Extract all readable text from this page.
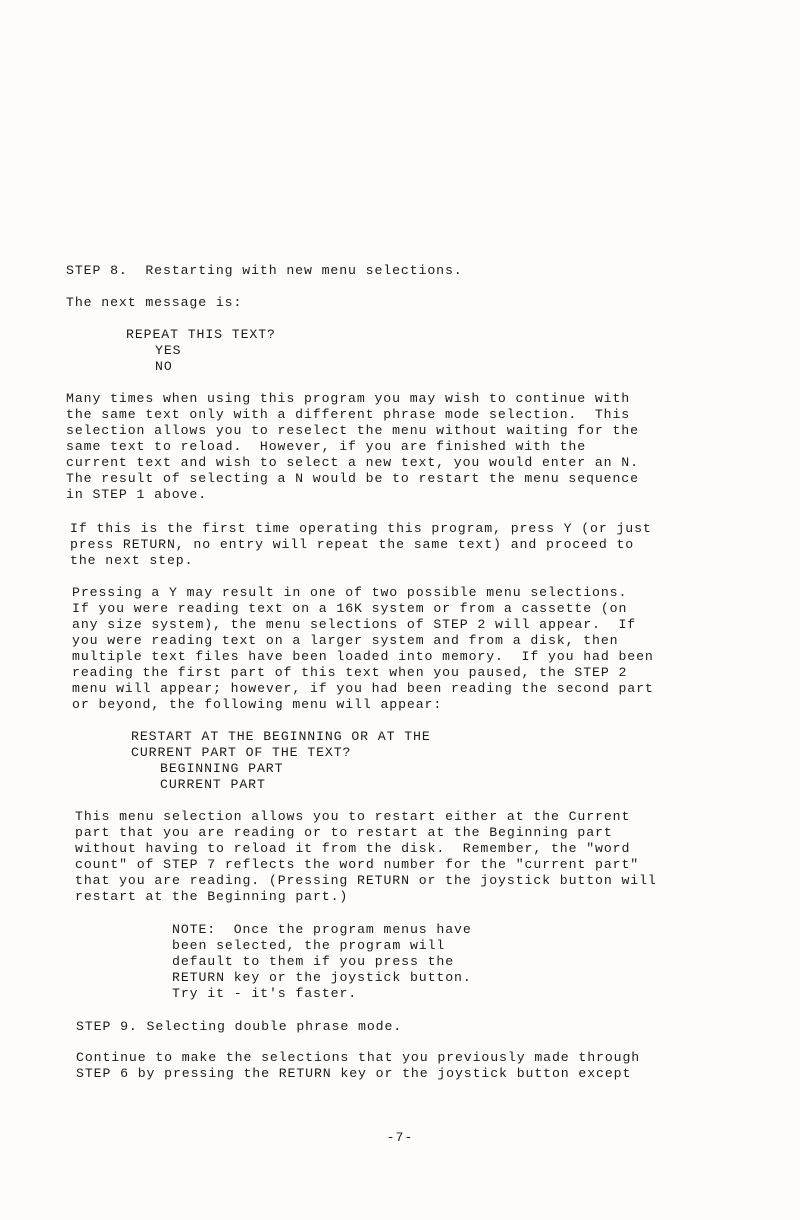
STEP 8.  Restarting with new menu selections.
The next message is:
REPEAT THIS TEXT?
YES
NO
Many times when using this program you may wish to continue with
the same text only with a different phrase mode selection.  This
selection allows you to reselect the menu without waiting for the
same text to reload.  However, if you are finished with the
current text and wish to select a new text, you would enter an N.
The result of selecting a N would be to restart the menu sequence
in STEP 1 above.
If this is the first time operating this program, press Y (or just
press RETURN, no entry will repeat the same text) and proceed to
the next step.
Pressing a Y may result in one of two possible menu selections.
If you were reading text on a 16K system or from a cassette (on
any size system), the menu selections of STEP 2 will appear.  If
you were reading text on a larger system and from a disk, then
multiple text files have been loaded into memory.  If you had been
reading the first part of this text when you paused, the STEP 2
menu will appear; however, if you had been reading the second part
or beyond, the following menu will appear:
RESTART AT THE BEGINNING OR AT THE
CURRENT PART OF THE TEXT?
BEGINNING PART
CURRENT PART
This menu selection allows you to restart either at the Current
part that you are reading or to restart at the Beginning part
without having to reload it from the disk.  Remember, the "word
count" of STEP 7 reflects the word number for the "current part"
that you are reading. (Pressing RETURN or the joystick button will
restart at the Beginning part.)
NOTE:  Once the program menus have
been selected, the program will
default to them if you press the
RETURN key or the joystick button.
Try it - it's faster.
STEP 9. Selecting double phrase mode.
Continue to make the selections that you previously made through
STEP 6 by pressing the RETURN key or the joystick button except
-7-
